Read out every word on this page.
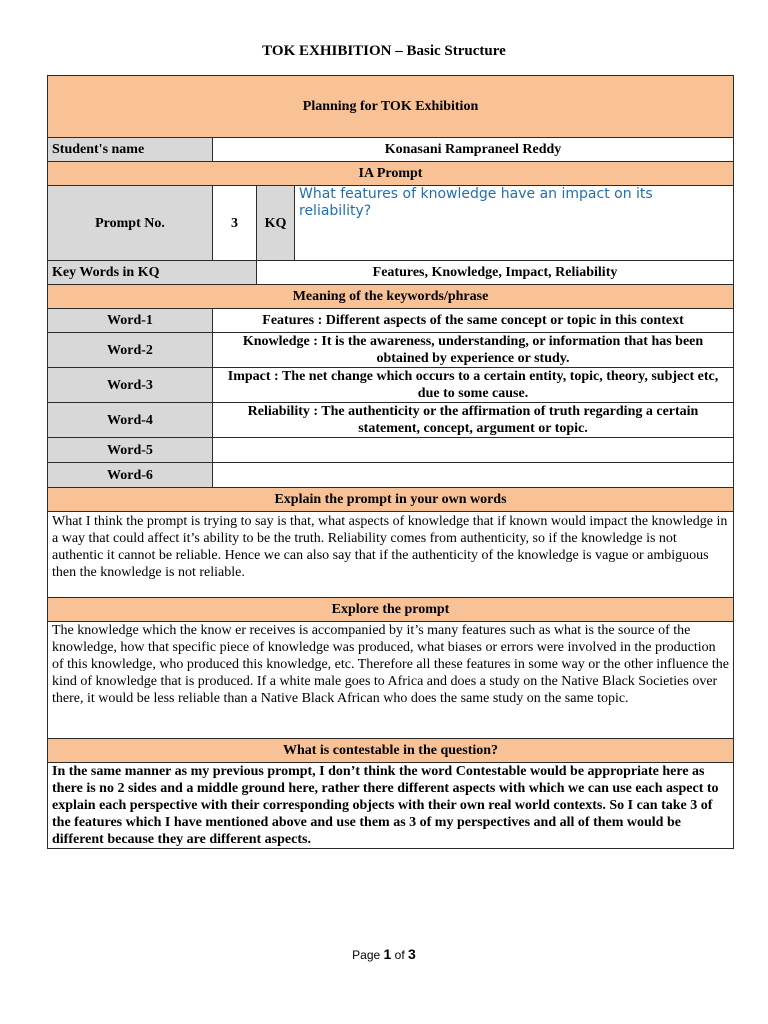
TOK EXHIBITION – Basic Structure
Planning for TOK Exhibition			
Student's name	Konasani Rampraneel Reddy		
IA Prompt			
Prompt No.	3	KQ	What features of knowledge have an impact on its reliability?
Key Words in KQ		Features, Knowledge, Impact, Reliability	
Meaning of the keywords/phrase			
Word-1	Features : Different aspects of the same concept or topic in this context		
Word-2	Knowledge : It is the awareness, understanding, or information that has been obtained by experience or study.		
Word-3	Impact : The net change which occurs to a certain entity, topic, theory, subject etc, due to some cause.		
Word-4	Reliability : The authenticity or the affirmation of truth regarding a certain statement, concept, argument or topic.		
Word-5			
Word-6			
Explain the prompt in your own words			
What I think the prompt is trying to say is that, what aspects of knowledge that if known would impact the knowledge in a way that could affect it’s ability to be the truth. Reliability comes from authenticity, so if the knowledge is not authentic it cannot be reliable. Hence we can also say that if the authenticity of the knowledge is vague or ambiguous then the knowledge is not reliable.			
Explore the prompt			
The knowledge which the know er receives is accompanied by it’s many features such as what is the source of the knowledge, how that specific piece of knowledge was produced, what biases or errors were involved in the production of this knowledge, who produced this knowledge, etc. Therefore all these features in some way or the other influence the kind of knowledge that is produced. If a white male goes to Africa and does a study on the Native Black Societies over there, it would be less reliable than a Native Black African who does the same study on the same topic.			
What is contestable in the question?			
In the same manner as my previous prompt, I don’t think the word Contestable would be appropriate here as there is no 2 sides and a middle ground here, rather there different aspects with which we can use each aspect to explain each perspective with their corresponding objects with their own real world contexts. So I can take 3 of the features which I have mentioned above and use them as 3 of my perspectives and all of them would be different because they are different aspects.			
Page 1 of 3
